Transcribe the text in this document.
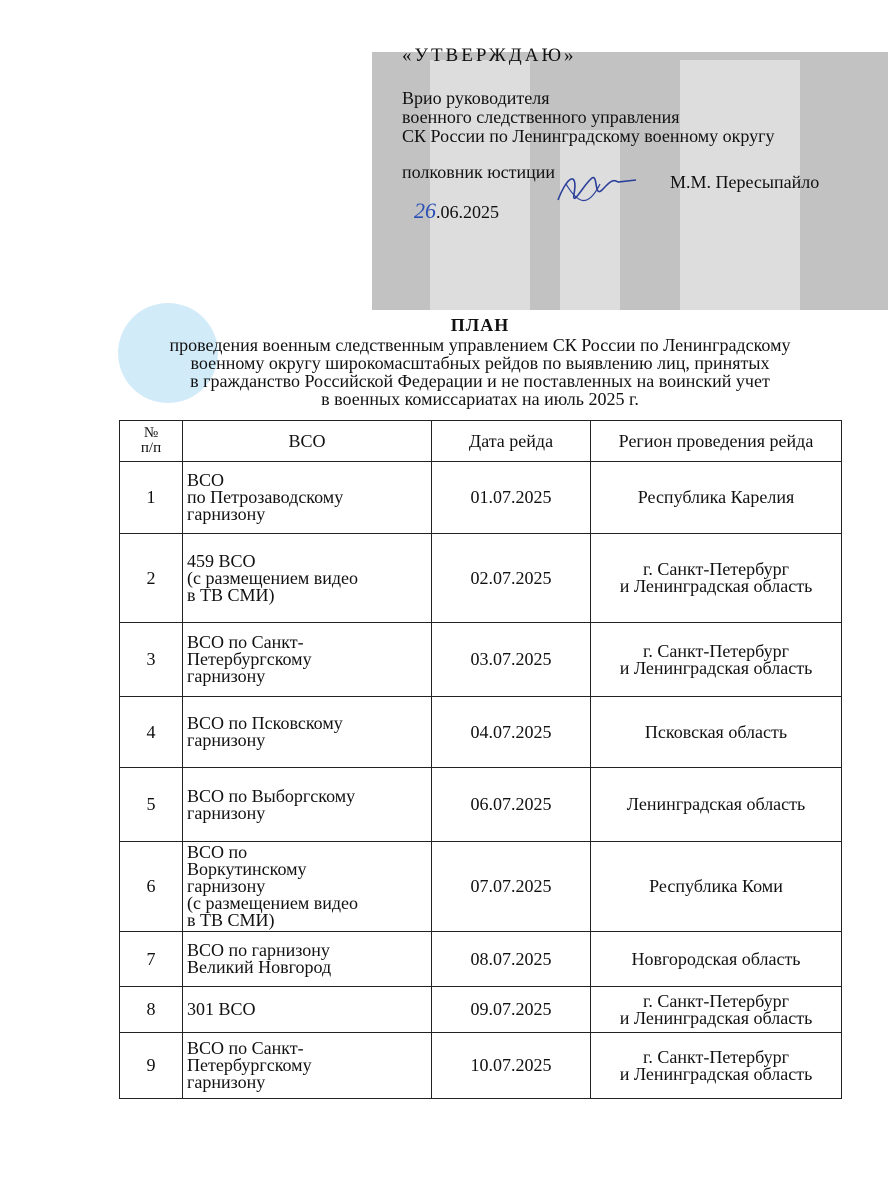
«УТВЕРЖДАЮ»
Врио руководителя
военного следственного управления
СК России по Ленинградскому военному округу
полковник юстиции	М.М. Пересыпайло
26.06.2025
ПЛАН
проведения военным следственным управлением СК России по Ленинградскому
военному округу широкомасштабных рейдов по выявлению лиц, принятых
в гражданство Российской Федерации и не поставленных на воинский учет
в военных комиссариатах на июль 2025 г.
№
п/п	ВСО	Дата рейда	Регион проведения рейда
1	ВСО
по Петрозаводскому
гарнизону	01.07.2025	Республика Карелия
2	459 ВСО
(с размещением видео
в ТВ СМИ)	02.07.2025	г. Санкт-Петербург
и Ленинградская область
3	ВСО по Санкт-
Петербургскому
гарнизону	03.07.2025	г. Санкт-Петербург
и Ленинградская область
4	ВСО по Псковскому
гарнизону	04.07.2025	Псковская область
5	ВСО по Выборгскому
гарнизону	06.07.2025	Ленинградская область
6	ВСО по
Воркутинскому
гарнизону
(с размещением видео
в ТВ СМИ)	07.07.2025	Республика Коми
7	ВСО по гарнизону
Великий Новгород	08.07.2025	Новгородская область
8	301 ВСО	09.07.2025	г. Санкт-Петербург
и Ленинградская область
9	ВСО по Санкт-
Петербургскому
гарнизону	10.07.2025	г. Санкт-Петербург
и Ленинградская область
